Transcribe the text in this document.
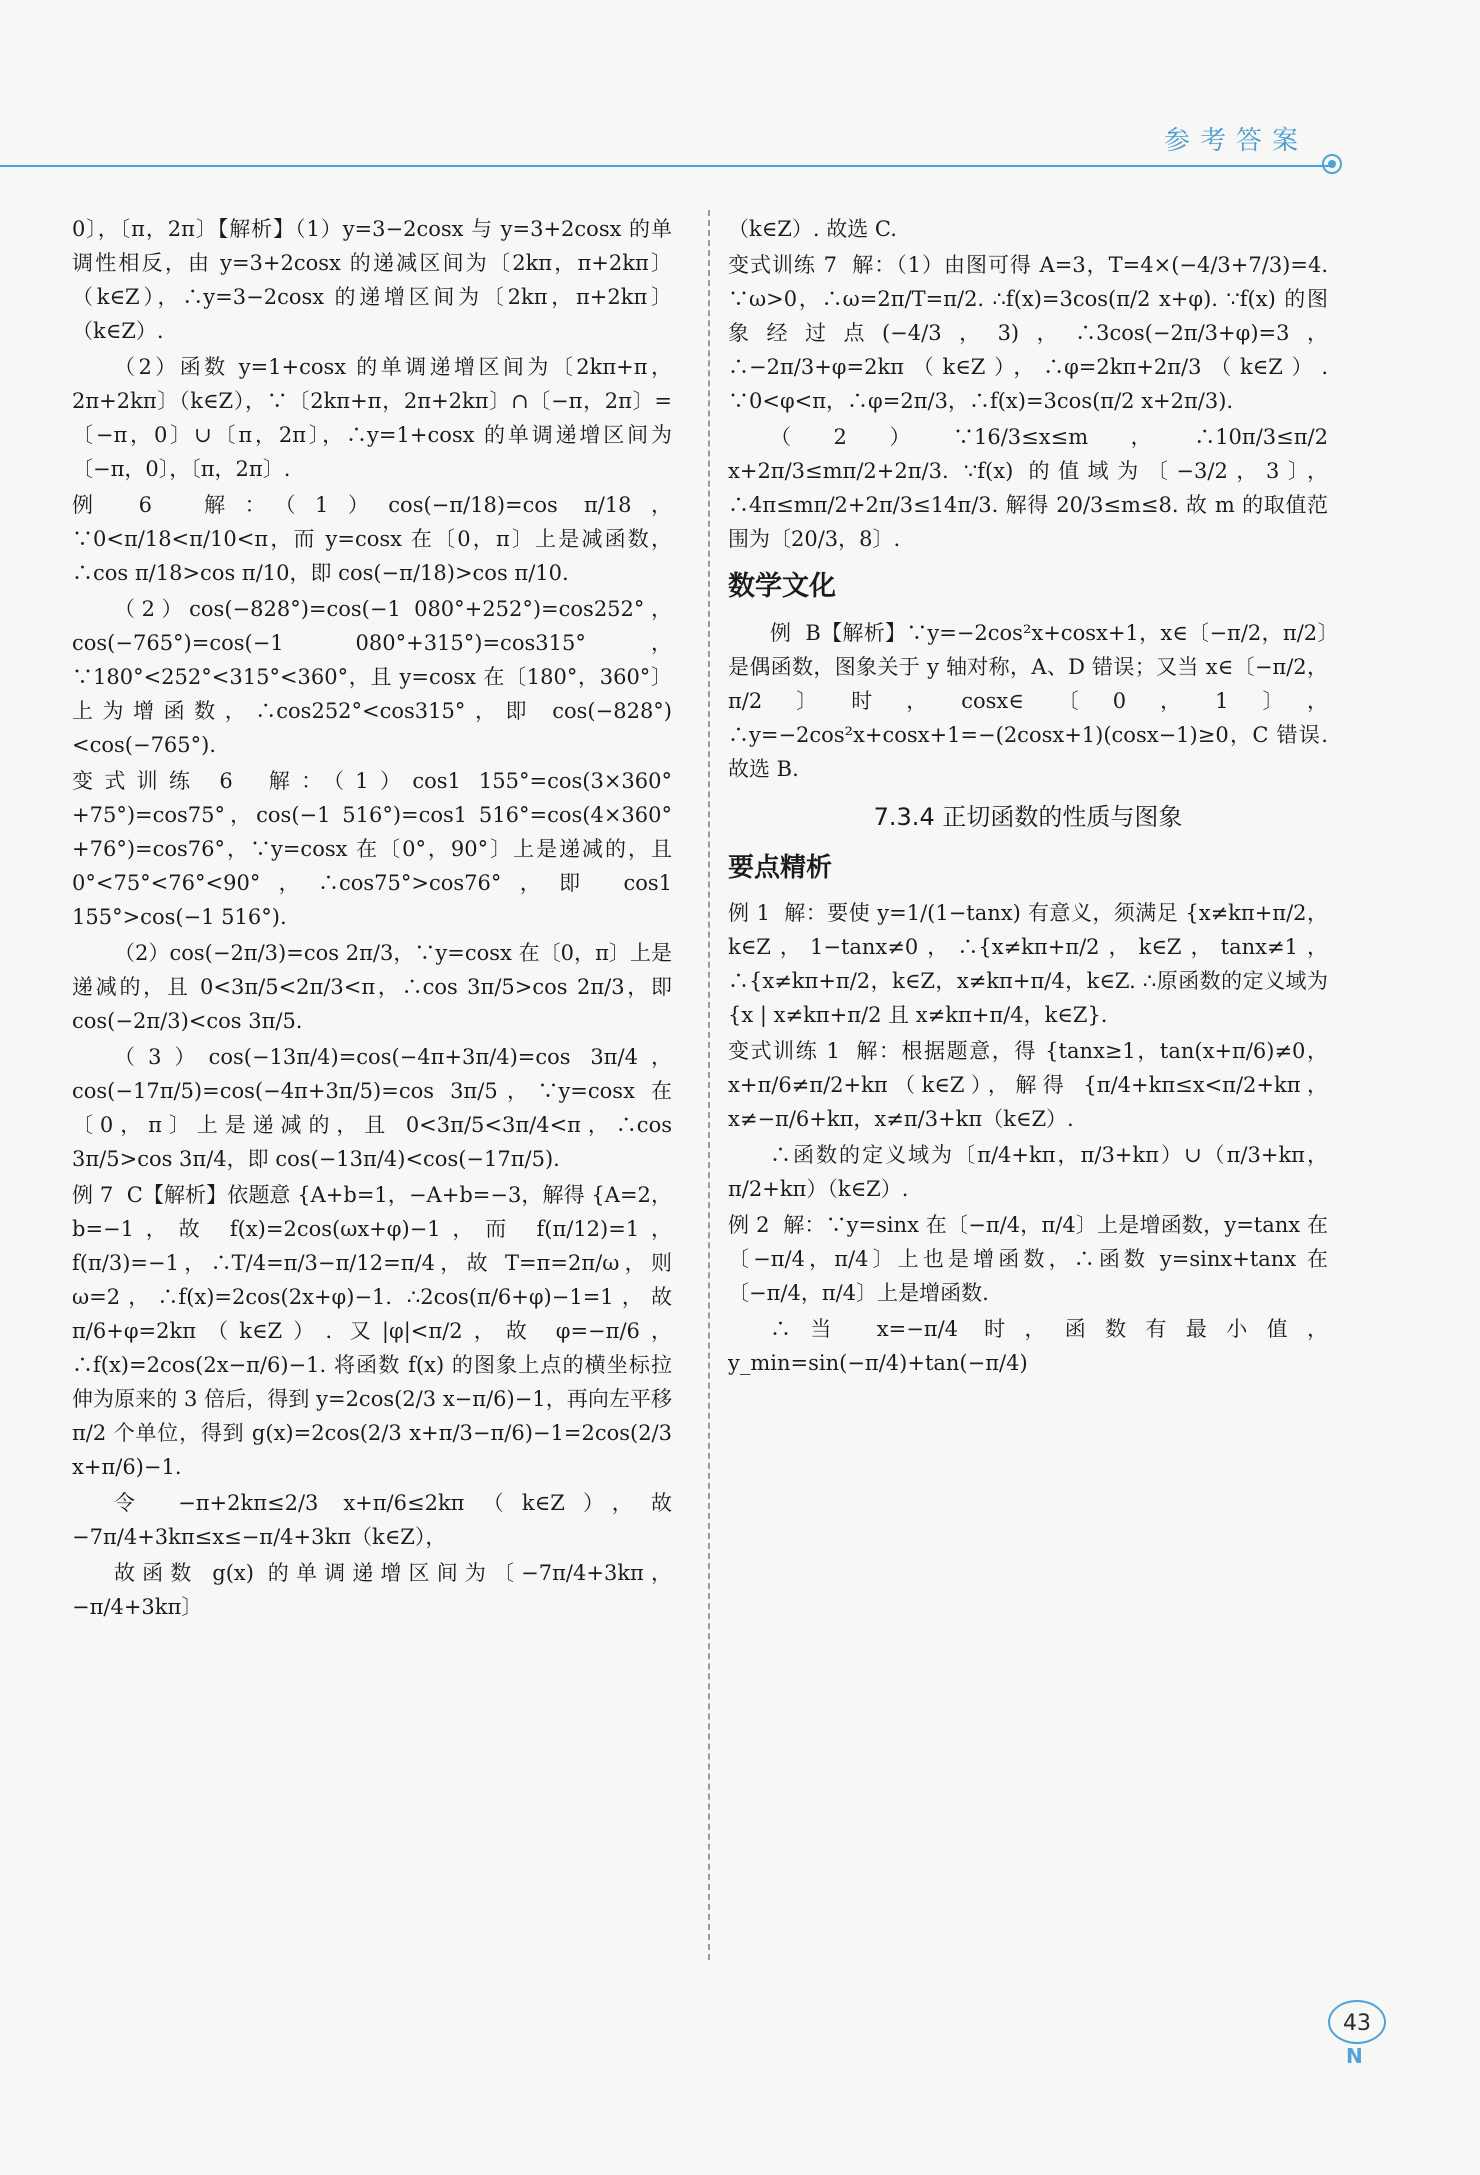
参考答案

0〕，〔π，2π〕【解析】（1）y=3−2cosx 与 y=3+2cosx 的单调性相反，由 y=3+2cosx 的递减区间为〔2kπ，π+2kπ〕（k∈Z），∴y=3−2cosx 的递增区间为〔2kπ，π+2kπ〕（k∈Z）.

（2）函数 y=1+cosx 的单调递增区间为〔2kπ+π，2π+2kπ〕（k∈Z），∵〔2kπ+π，2π+2kπ〕∩〔−π，2π〕=〔−π，0〕∪〔π，2π〕，∴y=1+cosx 的单调递增区间为〔−π，0〕，〔π，2π〕.

例 6  解：（1）cos(−π/18)=cos π/18，∵0<π/18<π/10<π，而 y=cosx 在〔0，π〕上是减函数，∴cos π/18>cos π/10，即 cos(−π/18)>cos π/10.

（2）cos(−828°)=cos(−1 080°+252°)=cos252°，cos(−765°)=cos(−1 080°+315°)=cos315°，∵180°<252°<315°<360°，且 y=cosx 在〔180°，360°〕上为增函数，∴cos252°<cos315°，即 cos(−828°)<cos(−765°).

变式训练 6  解：（1）cos1 155°=cos(3×360°+75°)=cos75°，cos(−1 516°)=cos1 516°=cos(4×360°+76°)=cos76°，∵y=cosx 在〔0°，90°〕上是递减的，且 0°<75°<76°<90°，∴cos75°>cos76°，即 cos1 155°>cos(−1 516°).

（2）cos(−2π/3)=cos 2π/3，∵y=cosx 在〔0，π〕上是递减的，且 0<3π/5<2π/3<π，∴cos 3π/5>cos 2π/3，即 cos(−2π/3)<cos 3π/5.

（3）cos(−13π/4)=cos(−4π+3π/4)=cos 3π/4，cos(−17π/5)=cos(−4π+3π/5)=cos 3π/5，∵y=cosx 在〔0，π〕上是递减的，且 0<3π/5<3π/4<π，∴cos 3π/5>cos 3π/4，即 cos(−13π/4)<cos(−17π/5).

例 7  C【解析】依题意 {A+b=1，−A+b=−3，解得 {A=2，b=−1，故 f(x)=2cos(ωx+φ)−1，而 f(π/12)=1，f(π/3)=−1，∴T/4=π/3−π/12=π/4，故 T=π=2π/ω，则 ω=2，∴f(x)=2cos(2x+φ)−1. ∴2cos(π/6+φ)−1=1，故 π/6+φ=2kπ（k∈Z）. 又|φ|<π/2，故 φ=−π/6，∴f(x)=2cos(2x−π/6)−1. 将函数 f(x) 的图象上点的横坐标拉伸为原来的 3 倍后，得到 y=2cos(2/3 x−π/6)−1，再向左平移 π/2 个单位，得到 g(x)=2cos(2/3 x+π/3−π/6)−1=2cos(2/3 x+π/6)−1.

令 −π+2kπ≤2/3 x+π/6≤2kπ（k∈Z），故 −7π/4+3kπ≤x≤−π/4+3kπ（k∈Z），

故函数 g(x) 的单调递增区间为〔−7π/4+3kπ，−π/4+3kπ〕

（k∈Z）. 故选 C.

变式训练 7  解：（1）由图可得 A=3，T=4×(−4/3+7/3)=4. ∵ω>0，∴ω=2π/T=π/2. ∴f(x)=3cos(π/2 x+φ). ∵f(x) 的图象经过点(−4/3，3)，∴3cos(−2π/3+φ)=3，∴−2π/3+φ=2kπ（k∈Z），∴φ=2kπ+2π/3（k∈Z）. ∵0<φ<π，∴φ=2π/3，∴f(x)=3cos(π/2 x+2π/3).

（2）∵16/3≤x≤m，∴10π/3≤π/2 x+2π/3≤mπ/2+2π/3. ∵f(x) 的值域为〔−3/2，3〕，∴4π≤mπ/2+2π/3≤14π/3. 解得 20/3≤m≤8. 故 m 的取值范围为〔20/3，8〕.

数学文化

例  B【解析】∵y=−2cos²x+cosx+1，x∈〔−π/2，π/2〕是偶函数，图象关于 y 轴对称，A、D 错误；又当 x∈〔−π/2，π/2〕时，cosx∈〔0，1〕，∴y=−2cos²x+cosx+1=−(2cosx+1)(cosx−1)≥0，C 错误. 故选 B.

7.3.4 正切函数的性质与图象
要点精析

例 1  解：要使 y=1/(1−tanx) 有意义，须满足 {x≠kπ+π/2，k∈Z，1−tanx≠0，∴{x≠kπ+π/2，k∈Z，tanx≠1，∴{x≠kπ+π/2，k∈Z，x≠kπ+π/4，k∈Z. ∴原函数的定义域为 {x | x≠kπ+π/2 且 x≠kπ+π/4，k∈Z}.

变式训练 1  解：根据题意，得 {tanx≥1，tan(x+π/6)≠0，x+π/6≠π/2+kπ（k∈Z），解得 {π/4+kπ≤x<π/2+kπ，x≠−π/6+kπ，x≠π/3+kπ（k∈Z）.

∴函数的定义域为〔π/4+kπ，π/3+kπ）∪（π/3+kπ，π/2+kπ）（k∈Z）.

例 2  解：∵y=sinx 在〔−π/4，π/4〕上是增函数，y=tanx 在〔−π/4，π/4〕上也是增函数，∴函数 y=sinx+tanx 在〔−π/4，π/4〕上是增函数.

∴当 x=−π/4 时，函数有最小值，y_min=sin(−π/4)+tan(−π/4)

43
N
